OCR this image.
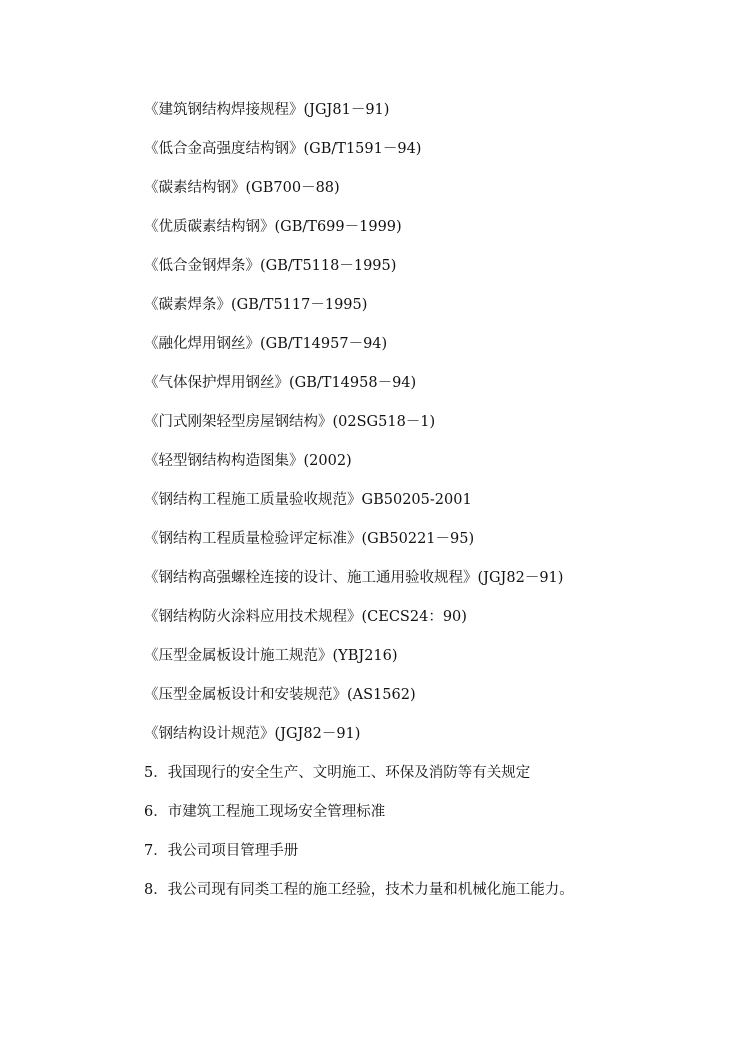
《建筑钢结构焊接规程》(JGJ81－91)
《低合金高强度结构钢》(GB/T1591－94)
《碳素结构钢》(GB700－88)
《优质碳素结构钢》(GB/T699－1999)
《低合金钢焊条》(GB/T5118－1995)
《碳素焊条》(GB/T5117－1995)
《融化焊用钢丝》(GB/T14957－94)
《气体保护焊用钢丝》(GB/T14958－94)
《门式刚架轻型房屋钢结构》(02SG518－1)
《轻型钢结构构造图集》(2002)
《钢结构工程施工质量验收规范》GB50205-2001
《钢结构工程质量检验评定标准》(GB50221－95)
《钢结构高强螺栓连接的设计、施工通用验收规程》(JGJ82－91)
《钢结构防火涂料应用技术规程》(CECS24：90)
《压型金属板设计施工规范》(YBJ216)
《压型金属板设计和安装规范》(AS1562)
《钢结构设计规范》(JGJ82－91)
5．我国现行的安全生产、文明施工、环保及消防等有关规定
6．市建筑工程施工现场安全管理标准
7．我公司项目管理手册
8．我公司现有同类工程的施工经验，技术力量和机械化施工能力。
